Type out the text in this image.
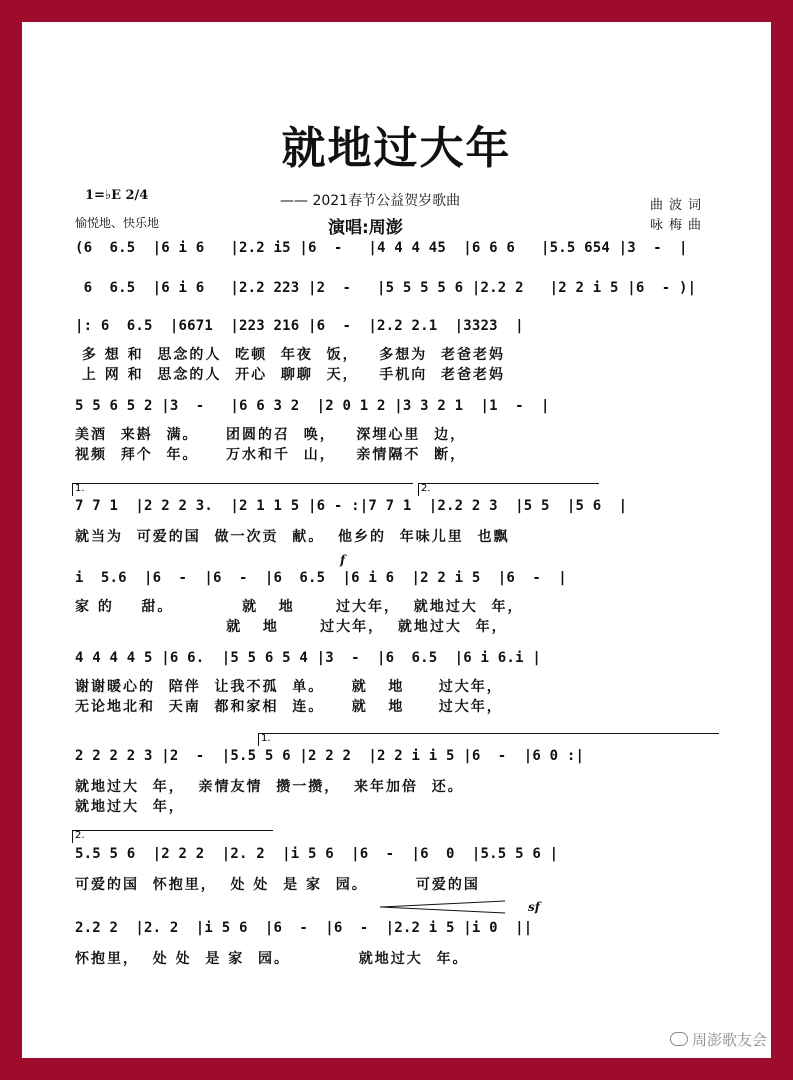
就地过大年
1=♭E 2/4	—— 2021春节公益贺岁歌曲	曲波词
愉悦地、快乐地	演唱:周澎	咏梅曲
(6  6.5  |6 i 6   |2.2 i5 |6  -   |4 4 4 45  |6 6 6   |5.5 654 |3  -  |
6  6.5  |6 i 6   |2.2 223 |2  -   |5 5 5 5 6 |2.2 2   |2 2 i 5 |6  - )|
|: 6  6.5  |6671  |223 216 |6  -  |2.2 2.1  |3323  |
多 想 和  思念的人  吃顿  年夜  饭，   多想为  老爸老妈
上 网 和  思念的人  开心  聊聊  天，   手机向  老爸老妈
5 5 6 5 2 |3  -   |6 6 3 2  |2 0 1 2 |3 3 2 1  |1  -  |
美酒  来斟  满。    团圆的召  唤，   深埋心里  边，
视频  拜个  年。    万水和千  山，   亲情隔不  断，
1.	2.
7 7 1  |2 2 2 3.  |2 1 1 5 |6 - :|7 7 1  |2.2 2 3  |5 5  |5 6  |
就当为  可爱的国  做一次贡  献。  他乡的  年味儿里  也飘
f
i  5.6  |6  -  |6  -  |6  6.5  |6 i 6  |2 2 i 5  |6  -  |
家 的    甜。          就   地      过大年，  就地过大  年，
就   地      过大年，  就地过大  年，
4 4 4 4 5 |6 6.  |5 5 6 5 4 |3  -  |6  6.5  |6 i 6.i |
谢谢暖心的  陪伴  让我不孤  单。    就   地     过大年，
无论地北和  天南  都和家相  连。    就   地     过大年，
1.
2 2 2 2 3 |2  -  |5.5 5 6 |2 2 2  |2 2 i i 5 |6  -  |6 0 :|
就地过大  年，  亲情友情  攒一攒，  来年加倍  还。
就地过大  年，
2.
5.5 5 6  |2 2 2  |2. 2  |i 5 6  |6  -  |6  0  |5.5 5 6 |
可爱的国  怀抱里，  处 处  是 家  园。       可爱的国
sf
2.2 2  |2. 2  |i 5 6  |6  -  |6  -  |2.2 i 5 |i 0  ||
怀抱里，  处 处  是 家  园。          就地过大  年。
周澎歌友会
